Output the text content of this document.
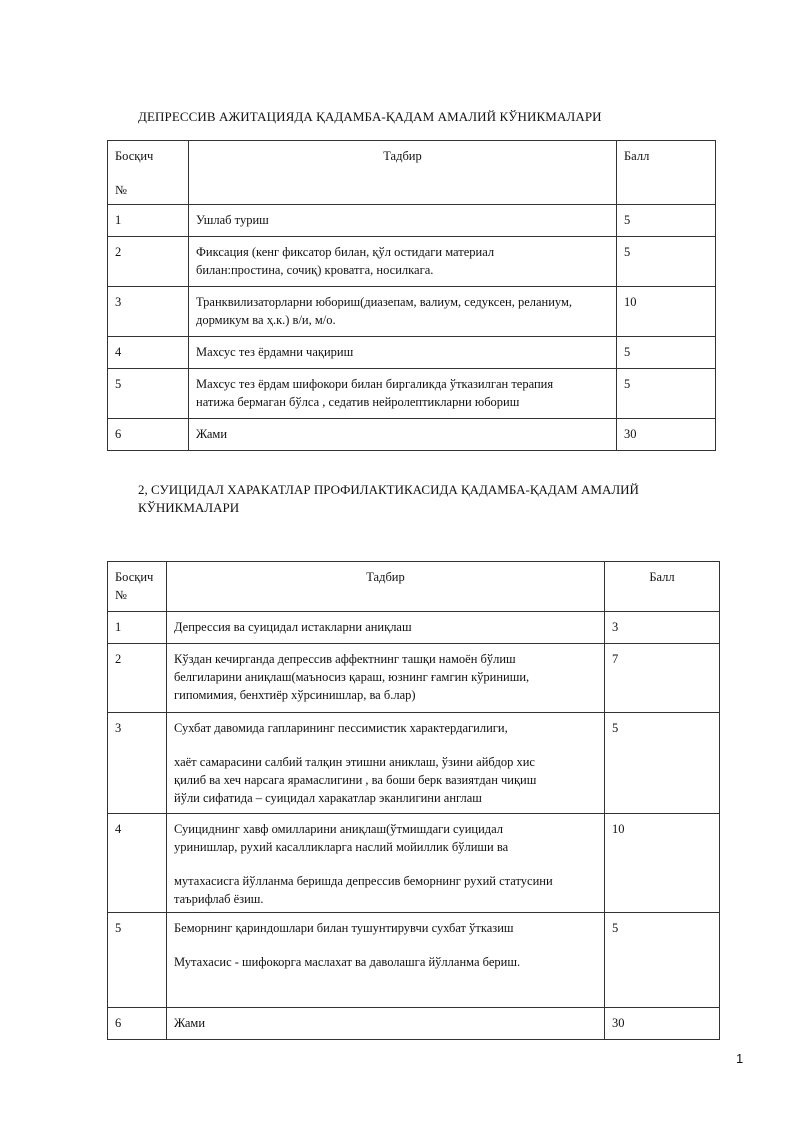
ДЕПРЕССИВ АЖИТАЦИЯДА ҚАДАМБА-ҚАДАМ АМАЛИЙ КЎНИКМАЛАРИ
Босқич
№	Тадбир	Балл
1	Ушлаб туриш	5
2	Фиксация (кенг фиксатор билан, қўл остидаги материал
билан:простина, сочиқ) кроватга, носилкага.	5
3	Транквилизаторларни юбориш(диазепам, валиум, седуксен, реланиум,
дормикум ва ҳ.к.) в/и, м/о.	10
4	Махсус тез ёрдамни чақириш	5
5	Махсус тез ёрдам шифокори билан биргаликда ўтказилган терапия
натижа бермаган бўлса , седатив нейролептикларни юбориш	5
6	Жами	30
2, СУИЦИДАЛ ХАРАКАТЛАР ПРОФИЛАКТИКАСИДА ҚАДАМБА-ҚАДАМ АМАЛИЙ
КЎНИКМАЛАРИ
Босқич
№	Тадбир	Балл
1	Депрессия ва суицидал истакларни аниқлаш	3
2	Кўздан кечирганда депрессив аффектнинг ташқи намоён бўлиш
белгиларини аниқлаш(маъносиз қараш, юзнинг ғамгин кўриниши,
гипомимия, бенхтиёр хўрсинишлар, ва б.лар)	7
3	Сухбат давомида гапларининг пессимистик характердагилиги,
хаёт самарасини салбий талқин этишни аниклаш, ўзини айбдор хис
қилиб ва хеч нарсага ярамаслигини , ва боши берк вазиятдан чиқиш
йўли сифатида – суицидал харакатлар эканлигини англаш	5
4	Суициднинг хавф омилларини аниқлаш(ўтмишдаги суицидал
уринишлар, рухий касалликларга наслий мойиллик бўлиши ва
мутахасисга йўлланма беришда депрессив беморнинг рухий статусини
таърифлаб ёзиш.	10
5	Беморнинг қариндошлари билан тушунтирувчи сухбат ўтказиш
Мутахасис - шифокорга маслахат ва даволашга йўлланма бериш.	5
6	Жами	30
1
